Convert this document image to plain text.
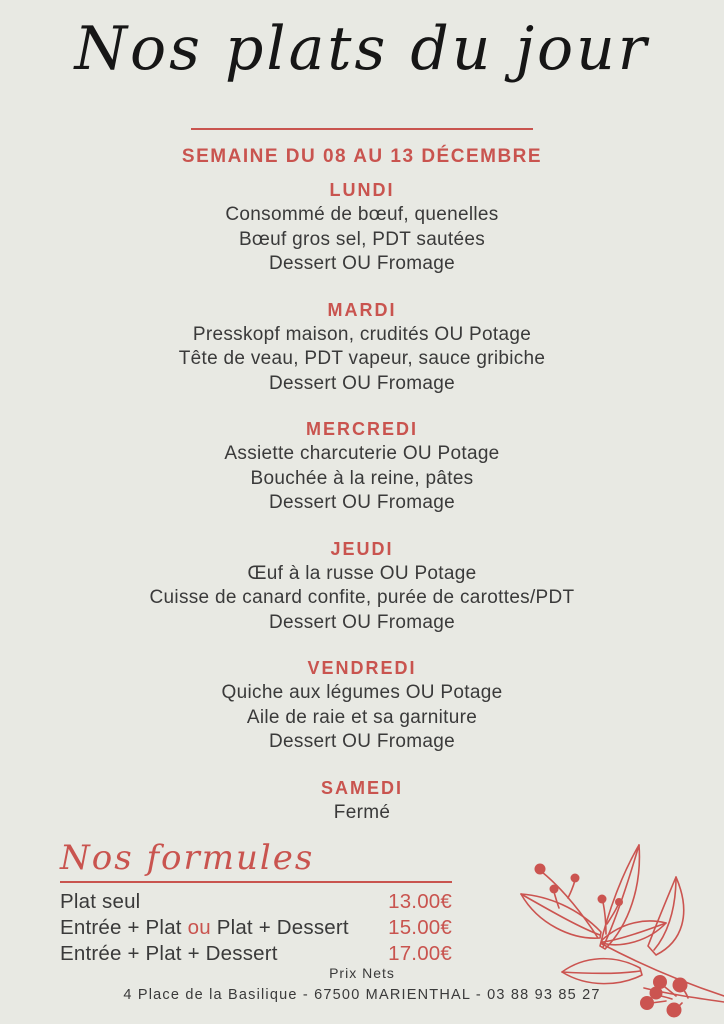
Nos plats du jour
SEMAINE DU 08 AU 13 DÉCEMBRE
LUNDI

Consommé de bœuf, quenelles

Bœuf gros sel, PDT sautées

Dessert OU Fromage

MARDI

Presskopf maison, crudités OU Potage

Tête de veau, PDT vapeur, sauce gribiche

Dessert OU Fromage

MERCREDI

Assiette charcuterie OU Potage

Bouchée à la reine, pâtes

Dessert OU Fromage

JEUDI

Œuf à la russe OU Potage

Cuisse de canard confite, purée de carottes/PDT

Dessert OU Fromage

VENDREDI

Quiche aux légumes OU Potage

Aile de raie et sa garniture

Dessert OU Fromage

SAMEDI

Fermé

Nos formules
Plat seul	13.00€
Entrée + Plat ou Plat + Dessert 15.00€
Entrée + Plat + Dessert	17.00€

Prix Nets

4 Place de la Basilique - 67500 MARIENTHAL - 03 88 93 85 27
